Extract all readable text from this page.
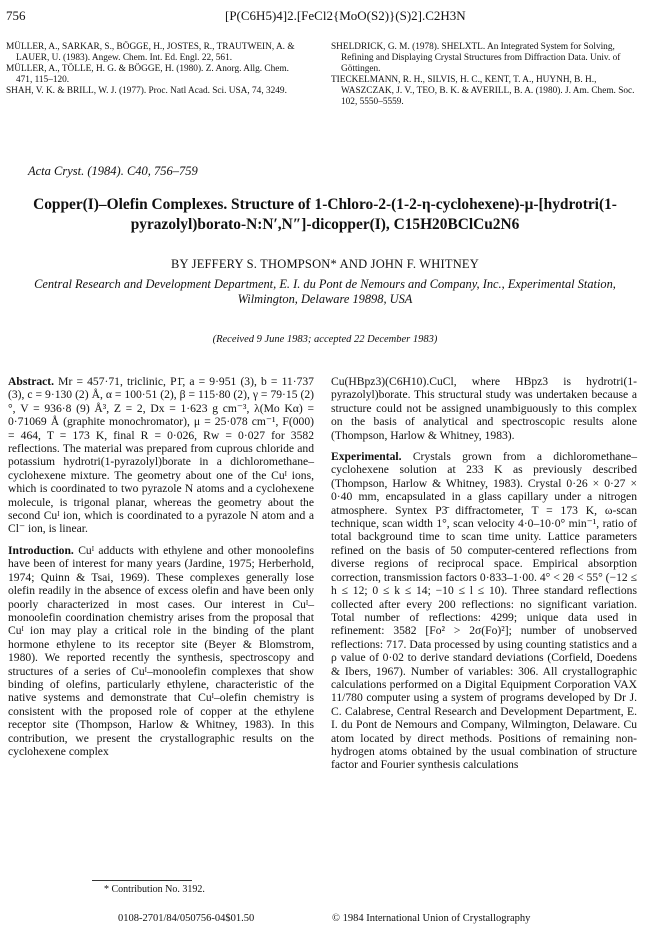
756	[P(C6H5)4]2.[FeCl2{MoO(S2)}(S)2].C2H3N

MÜLLER, A., SARKAR, S., BÖGGE, H., JOSTES, R., TRAUTWEIN, A. & LAUER, U. (1983). Angew. Chem. Int. Ed. Engl. 22, 561.

MÜLLER, A., TÖLLE, H. G. & BÖGGE, H. (1980). Z. Anorg. Allg. Chem. 471, 115–120.

SHAH, V. K. & BRILL, W. J. (1977). Proc. Natl Acad. Sci. USA, 74, 3249.

SHELDRICK, G. M. (1978). SHELXTL. An Integrated System for Solving, Refining and Displaying Crystal Structures from Diffraction Data. Univ. of Göttingen.

TIECKELMANN, R. H., SILVIS, H. C., KENT, T. A., HUYNH, B. H., WASZCZAK, J. V., TEO, B. K. & AVERILL, B. A. (1980). J. Am. Chem. Soc. 102, 5550–5559.

Acta Cryst. (1984). C40, 756–759
Copper(I)–Olefin Complexes. Structure of 1-Chloro-2-(1-2-η-cyclohexene)-μ-[hydrotri(1-pyrazolyl)borato-N:N′,N″]-dicopper(I), C15H20BClCu2N6
BY JEFFERY S. THOMPSON* AND JOHN F. WHITNEY
Central Research and Development Department, E. I. du Pont de Nemours and Company, Inc., Experimental Station, Wilmington, Delaware 19898, USA
(Received 9 June 1983; accepted 22 December 1983)

Abstract. Mr = 457·71, triclinic, P1̄, a = 9·951 (3), b = 11·737 (3), c = 9·130 (2) Å, α = 100·51 (2), β = 115·80 (2), γ = 79·15 (2)°, V = 936·8 (9) Å³, Z = 2, Dx = 1·623 g cm⁻³, λ(Mo Kα) = 0·71069 Å (graphite monochromator), μ = 25·078 cm⁻¹, F(000) = 464, T = 173 K, final R = 0·026, Rw = 0·027 for 3582 reflections. The material was prepared from cuprous chloride and potassium hydrotri(1-pyrazolyl)borate in a dichloromethane–cyclohexene mixture. The geometry about one of the Cuᴵ ions, which is coordinated to two pyrazole N atoms and a cyclohexene molecule, is trigonal planar, whereas the geometry about the second Cuᴵ ion, which is coordinated to a pyrazole N atom and a Cl⁻ ion, is linear.

Introduction. Cuᴵ adducts with ethylene and other monoolefins have been of interest for many years (Jardine, 1975; Herberhold, 1974; Quinn & Tsai, 1969). These complexes generally lose olefin readily in the absence of excess olefin and have been only poorly characterized in most cases. Our interest in Cuᴵ–monoolefin coordination chemistry arises from the proposal that Cuᴵ ion may play a critical role in the binding of the plant hormone ethylene to its receptor site (Beyer & Blomstrom, 1980). We reported recently the synthesis, spectroscopy and structures of a series of Cuᴵ–monoolefin complexes that show binding of olefins, particularly ethylene, characteristic of the native systems and demonstrate that Cuᴵ–olefin chemistry is consistent with the proposed role of copper at the ethylene receptor site (Thompson, Harlow & Whitney, 1983). In this contribution, we present the crystallographic results on the cyclohexene complex

Cu(HBpz3)(C6H10).CuCl, where HBpz3 is hydrotri(1-pyrazolyl)borate. This structural study was undertaken because a structure could not be assigned unambiguously to this complex on the basis of analytical and spectroscopic results alone (Thompson, Harlow & Whitney, 1983).

Experimental. Crystals grown from a dichloromethane–cyclohexene solution at 233 K as previously described (Thompson, Harlow & Whitney, 1983). Crystal 0·26 × 0·27 × 0·40 mm, encapsulated in a glass capillary under a nitrogen atmosphere. Syntex P3̄ diffractometer, T = 173 K, ω-scan technique, scan width 1°, scan velocity 4·0–10·0° min⁻¹, ratio of total background time to scan time unity. Lattice parameters refined on the basis of 50 computer-centered reflections from diverse regions of reciprocal space. Empirical absorption correction, transmission factors 0·833–1·00. 4° < 2θ < 55° (−12 ≤ h ≤ 12; 0 ≤ k ≤ 14; −10 ≤ l ≤ 10). Three standard reflections collected after every 200 reflections: no significant variation. Total number of reflections: 4299; unique data used in refinement: 3582 [Fo² > 2σ(Fo)²]; number of unobserved reflections: 717. Data processed by using counting statistics and a ρ value of 0·02 to derive standard deviations (Corfield, Doedens & Ibers, 1967). Number of variables: 306. All crystallographic calculations performed on a Digital Equipment Corporation VAX 11/780 computer using a system of programs developed by Dr J. C. Calabrese, Central Research and Development Department, E. I. du Pont de Nemours and Company, Wilmington, Delaware. Cu atom located by direct methods. Positions of remaining non-hydrogen atoms obtained by the usual combination of structure factor and Fourier synthesis calculations

* Contribution No. 3192.
0108-2701/84/050756-04$01.50	© 1984 International Union of Crystallography
